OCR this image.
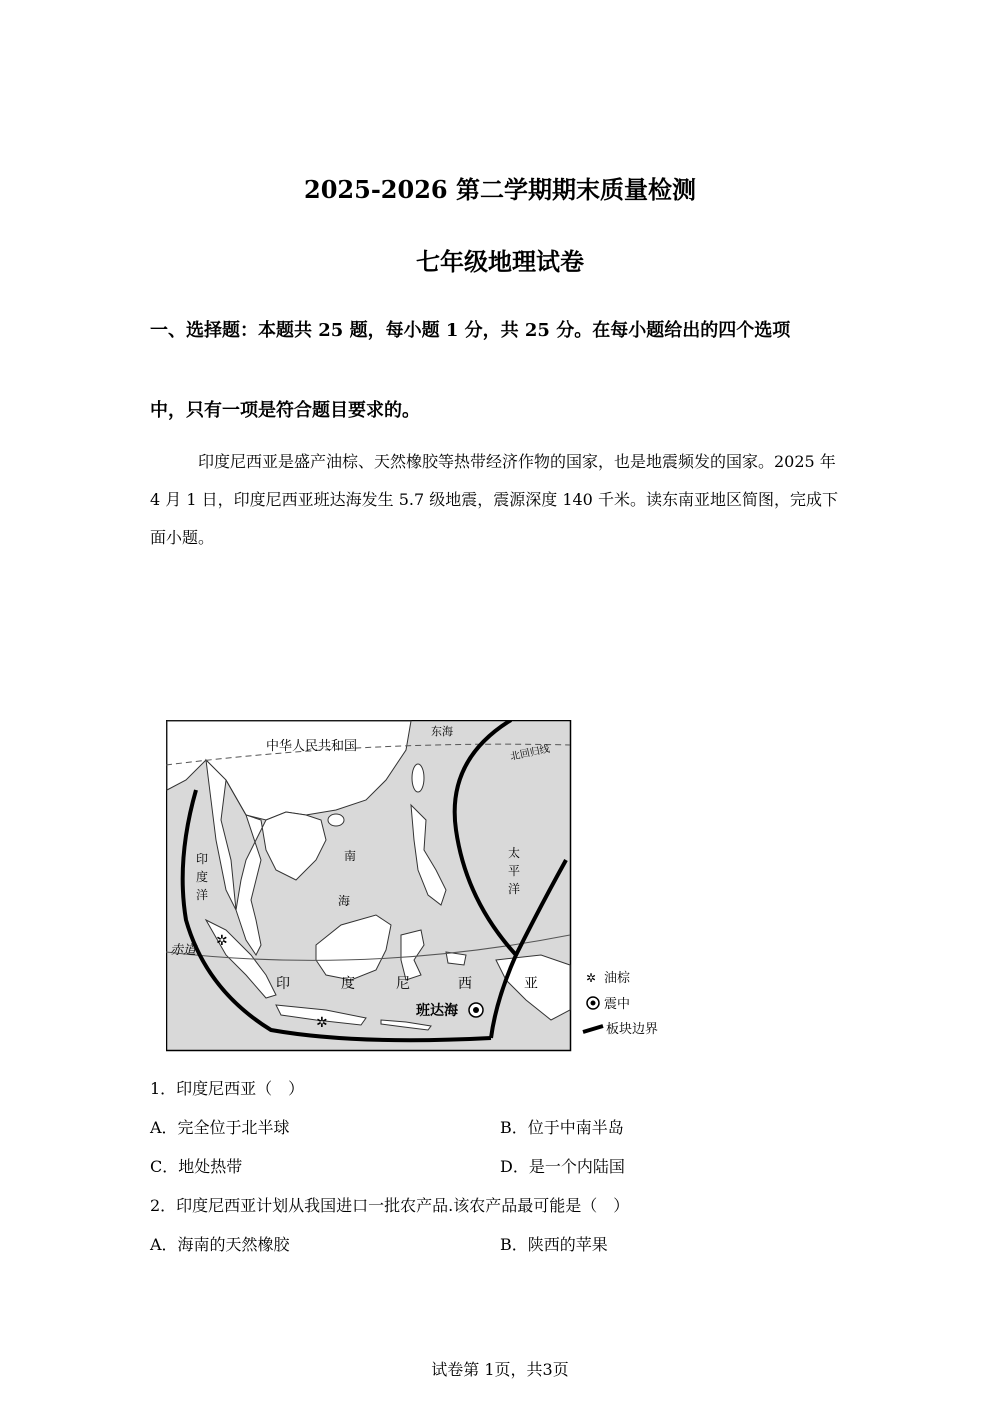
2025-2026 第二学期期末质量检测
七年级地理试卷
一、选择题：本题共 25 题，每小题 1 分，共 25 分。在每小题给出的四个选项
中，只有一项是符合题目要求的。

印度尼西亚是盛产油棕、天然橡胶等热带经济作物的国家，也是地震频发的国家。2025 年 4 月 1 日，印度尼西亚班达海发生 5.7 级地震，震源深度 140 千米。读东南亚地区简图，完成下面小题。

✲
✲
中华人民共和国
东海
北回归线
印
度
洋
南
海
太
平
洋
赤道
印	度	尼	西	亚
班达海
✲ 油棕
震中
板块边界
1．印度尼西亚（　）
A．完全位于北半球	B．位于中南半岛
C．地处热带	D．是一个内陆国
2．印度尼西亚计划从我国进口一批农产品.该农产品最可能是（　）
A．海南的天然橡胶	B．陕西的苹果
试卷第 1页，共3页
